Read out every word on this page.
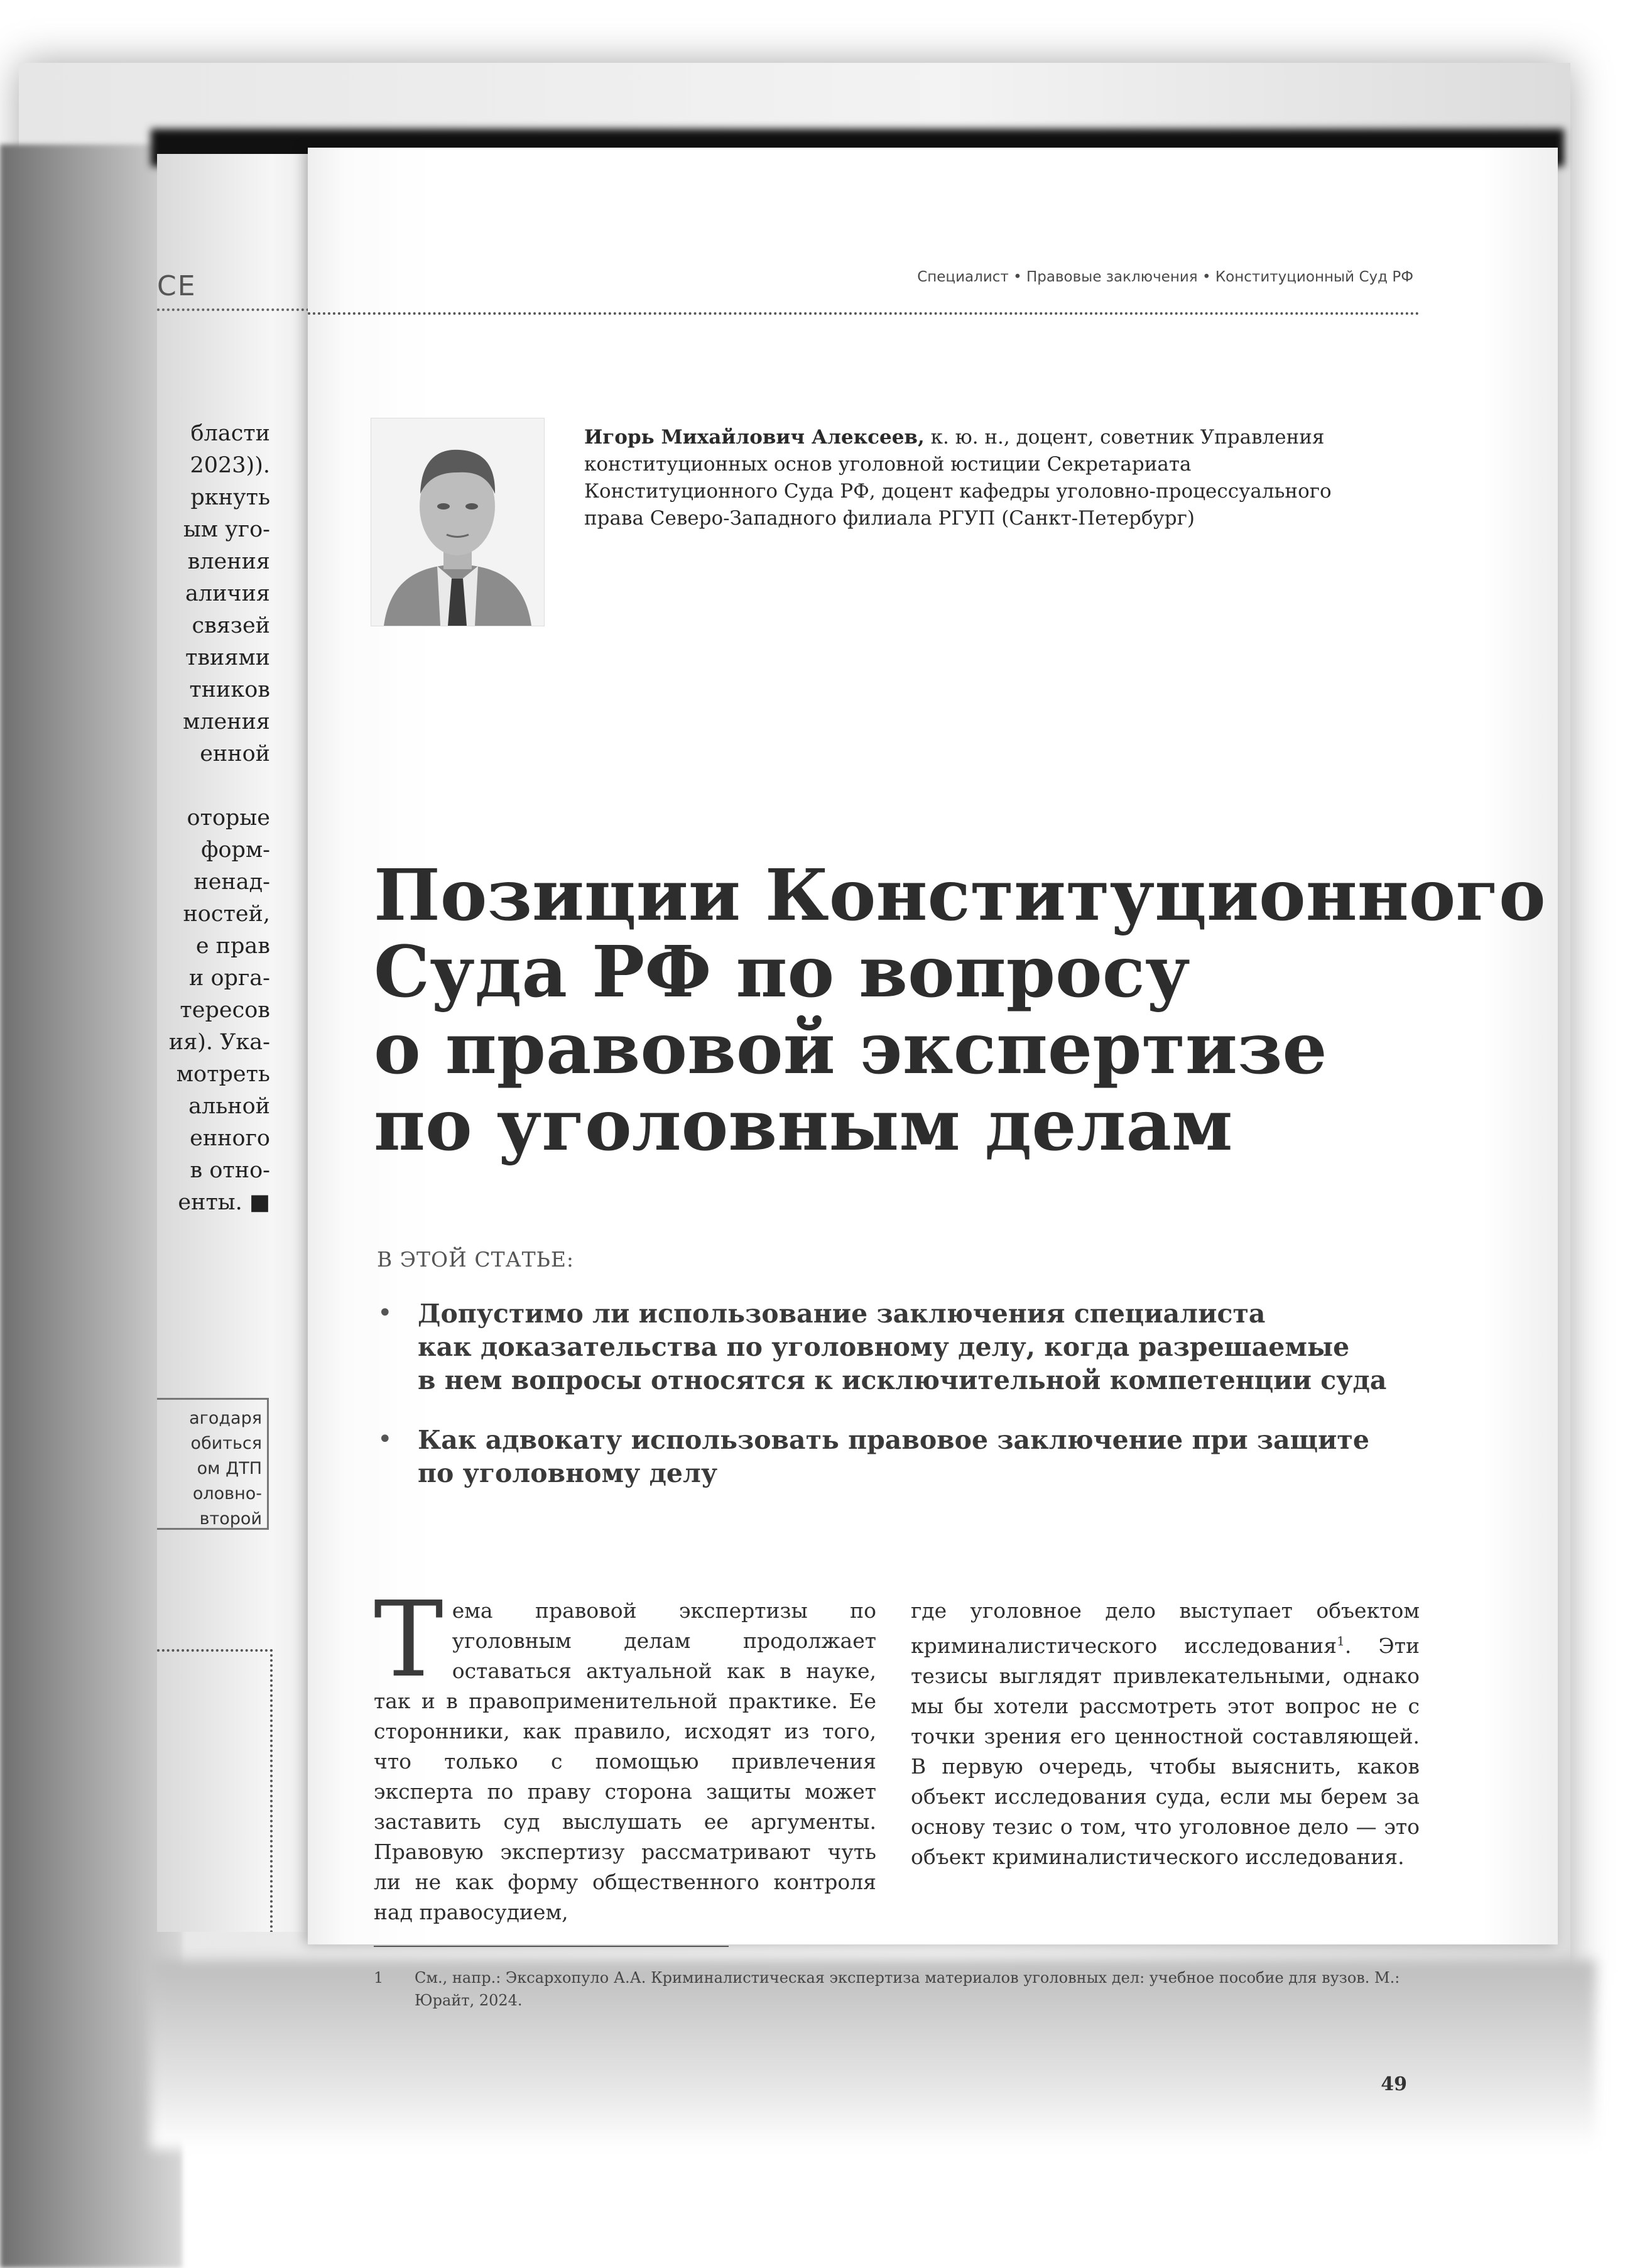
CE
бласти
2023)).
ркнуть
ым уго-
вления
аличия
связей
твиями
тников
мления
енной

оторые
форм-
ненад-
ностей,
е прав
и орга-
тересов
ия). Ука-
мотреть
альной
енного
в отно-
енты. ■
агодаря
обиться
ом ДТП
оловно-
второй
Специалист • Правовые заключения • Конституционный Суд РФ
Игорь Михайлович Алексеев, к. ю. н., доцент, советник Управления конституционных основ уголовной юстиции Секретариата Конституционного Суда РФ, доцент кафедры уголовно-процессуального права Северо-Западного филиала РГУП (Санкт-Петербург)
Позиции Конституционного
Суда РФ по вопросу
о правовой экспертизе
по уголовным делам
В ЭТОЙ СТАТЬЕ:
• Допустимо ли использование заключения специалиста
как доказательства по уголовному делу, когда разрешаемые
в нем вопросы относятся к исключительной компетенции суда
• Как адвокату использовать правовое заключение при защите
по уголовному делу
Тема правовой экспертизы по уголовным делам продолжает оставаться актуальной как в науке, так и в правоприменительной практике. Ее сторонники, как правило, исходят из того, что только с помощью привлечения эксперта по праву сторона защиты может заставить суд выслушать ее аргументы. Правовую экспертизу рассматривают чуть ли не как форму общественного контроля над правосудием,
где уголовное дело выступает объектом криминалистического исследования$^1$. Эти тезисы выглядят привлекательными, однако мы бы хотели рассмотреть этот вопрос не с точки зрения его ценностной составляющей. В первую очередь, чтобы выяснить, каков объект исследования суда, если мы берем за основу тезис о том, что уголовное дело — это объект криминалистического исследования.
1	См., напр.: Эксархопуло А.А. Криминалистическая экспертиза материалов уголовных дел: учебное пособие для вузов. М.: Юрайт, 2024.
49
